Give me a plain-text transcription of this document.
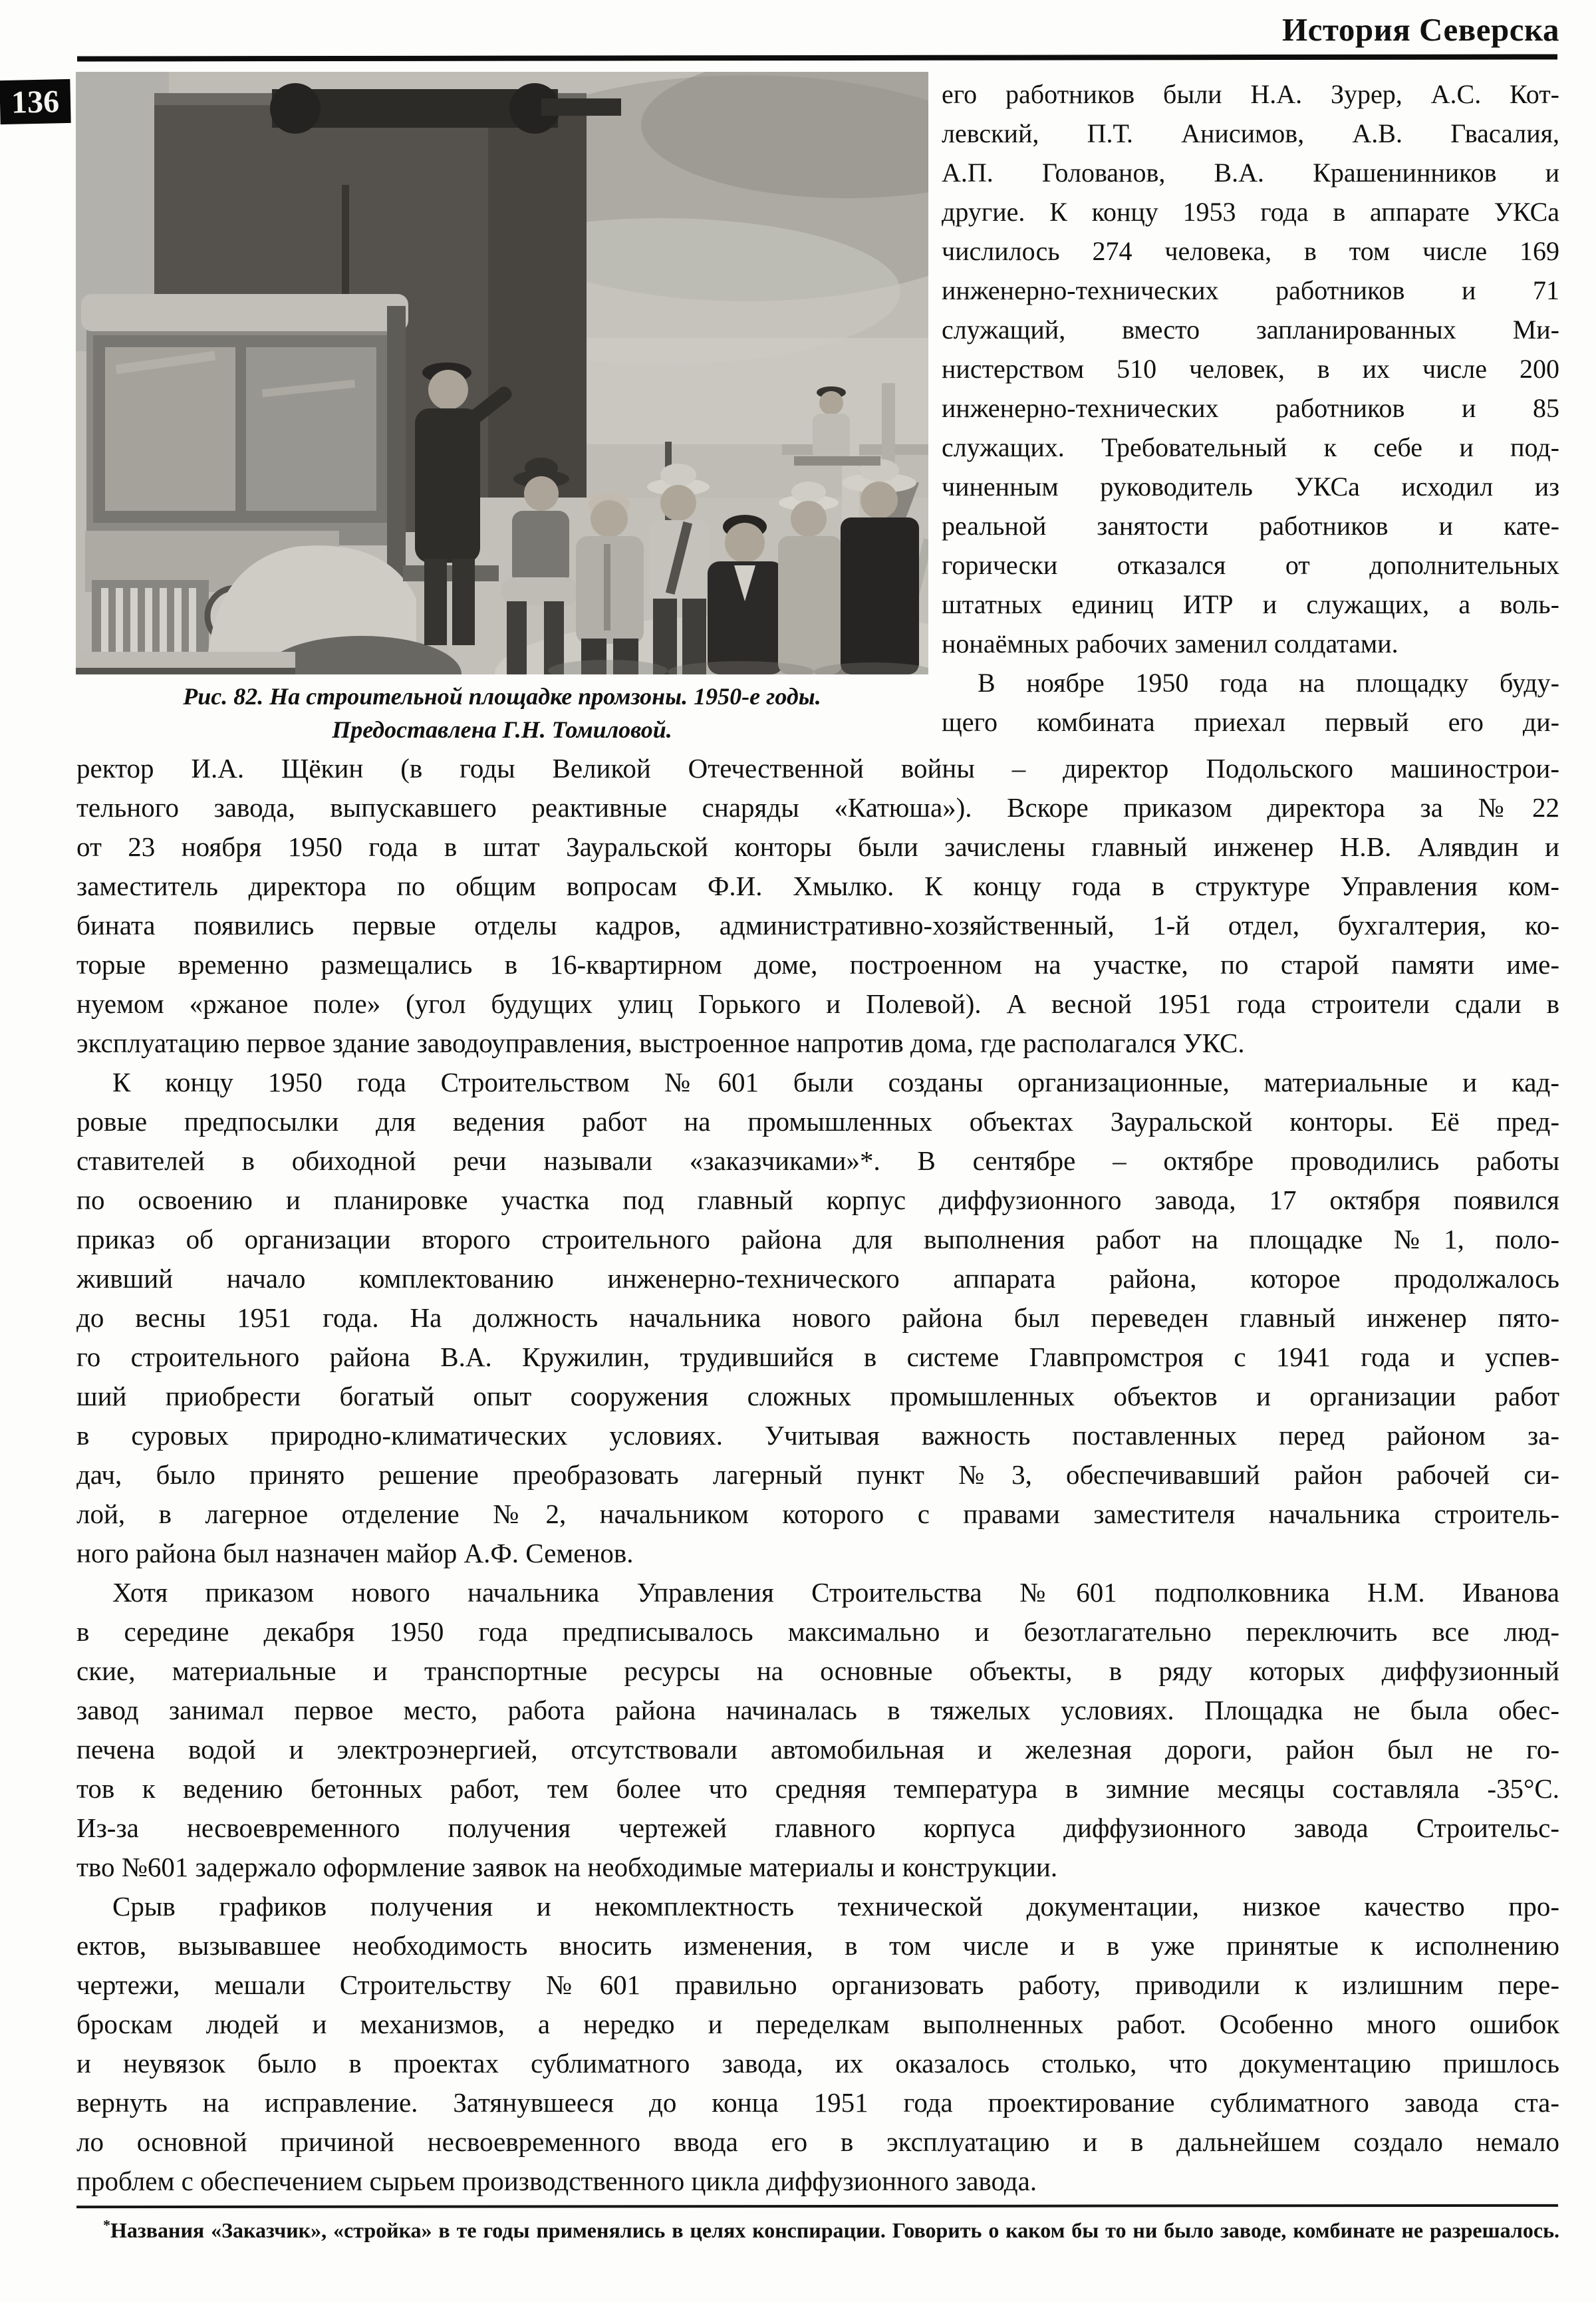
История Северска
136	его работников были Н.А. Зурер, А.С. Кот-
левский, П.Т. Анисимов, А.В. Гвасалия,
А.П. Голованов, В.А. Крашенинников и
другие. К концу 1953 года в аппарате УКСа
числилось 274 человека, в том числе 169
инженерно-технических работников и 71
служащий, вместо запланированных Ми-
нистерством 510 человек, в их числе 200
инженерно-технических работников и 85
служащих. Требовательный к себе и под-
чиненным руководитель УКСа исходил из
реальной занятости работников и кате-
горически отказался от дополнительных
штатных единиц ИТР и служащих, а воль-
нонаёмных рабочих заменил солдатами.
В ноябре 1950 года на площадку буду-
щего комбината приехал первый его ди-
Рис. 82. На строительной площадке промзоны. 1950-е годы.
Предоставлена Г.Н. Томиловой.
ректор И.А. Щёкин (в годы Великой Отечественной войны – директор Подольского машинострои-
тельного завода, выпускавшего реактивные снаряды «Катюша»). Вскоре приказом директора за №22
от 23 ноября 1950 года в штат Зауральской конторы были зачислены главный инженер Н.В. Алявдин и
заместитель директора по общим вопросам Ф.И. Хмылко. К концу года в структуре Управления ком-
бината появились первые отделы кадров, административно-хозяйственный, 1-й отдел, бухгалтерия, ко-
торые временно размещались в 16-квартирном доме, построенном на участке, по старой памяти име-
нуемом «ржаное поле» (угол будущих улиц Горького и Полевой). А весной 1951 года строители сдали в
эксплуатацию первое здание заводоуправления, выстроенное напротив дома, где располагался УКС.
К концу 1950 года Строительством №601 были созданы организационные, материальные и кад-
ровые предпосылки для ведения работ на промышленных объектах Зауральской конторы. Её пред-
ставителей в обиходной речи называли «заказчиками»*. В сентябре – октябре проводились работы
по освоению и планировке участка под главный корпус диффузионного завода, 17 октября появился
приказ об организации второго строительного района для выполнения работ на площадке №1, поло-
живший начало комплектованию инженерно-технического аппарата района, которое продолжалось
до весны 1951 года. На должность начальника нового района был переведен главный инженер пято-
го строительного района В.А. Кружилин, трудившийся в системе Главпромстроя с 1941 года и успев-
ший приобрести богатый опыт сооружения сложных промышленных объектов и организации работ
в суровых природно-климатических условиях. Учитывая важность поставленных перед районом за-
дач, было принято решение преобразовать лагерный пункт №3, обеспечивавший район рабочей си-
лой, в лагерное отделение №2, начальником которого с правами заместителя начальника строитель-
ного района был назначен майор А.Ф. Семенов.
Хотя приказом нового начальника Управления Строительства №601 подполковника Н.М. Иванова
в середине декабря 1950 года предписывалось максимально и безотлагательно переключить все люд-
ские, материальные и транспортные ресурсы на основные объекты, в ряду которых диффузионный
завод занимал первое место, работа района начиналась в тяжелых условиях. Площадка не была обес-
печена водой и электроэнергией, отсутствовали автомобильная и железная дороги, район был не го-
тов к ведению бетонных работ, тем более что средняя температура в зимние месяцы составляла -35°С.
Из-за несвоевременного получения чертежей главного корпуса диффузионного завода Строительс-
тво №601 задержало оформление заявок на необходимые материалы и конструкции.
Срыв графиков получения и некомплектность технической документации, низкое качество про-
ектов, вызывавшее необходимость вносить изменения, в том числе и в уже принятые к исполнению
чертежи, мешали Строительству №601 правильно организовать работу, приводили к излишним пере-
броскам людей и механизмов, а нередко и переделкам выполненных работ. Особенно много ошибок
и неувязок было в проектах сублиматного завода, их оказалось столько, что документацию пришлось
вернуть на исправление. Затянувшееся до конца 1951 года проектирование сублиматного завода ста-
ло основной причиной несвоевременного ввода его в эксплуатацию и в дальнейшем создало немало
проблем с обеспечением сырьем производственного цикла диффузионного завода.
*Названия «Заказчик», «стройка» в те годы применялись в целях конспирации. Говорить о каком бы то ни было заводе, комбинате не разрешалось.
